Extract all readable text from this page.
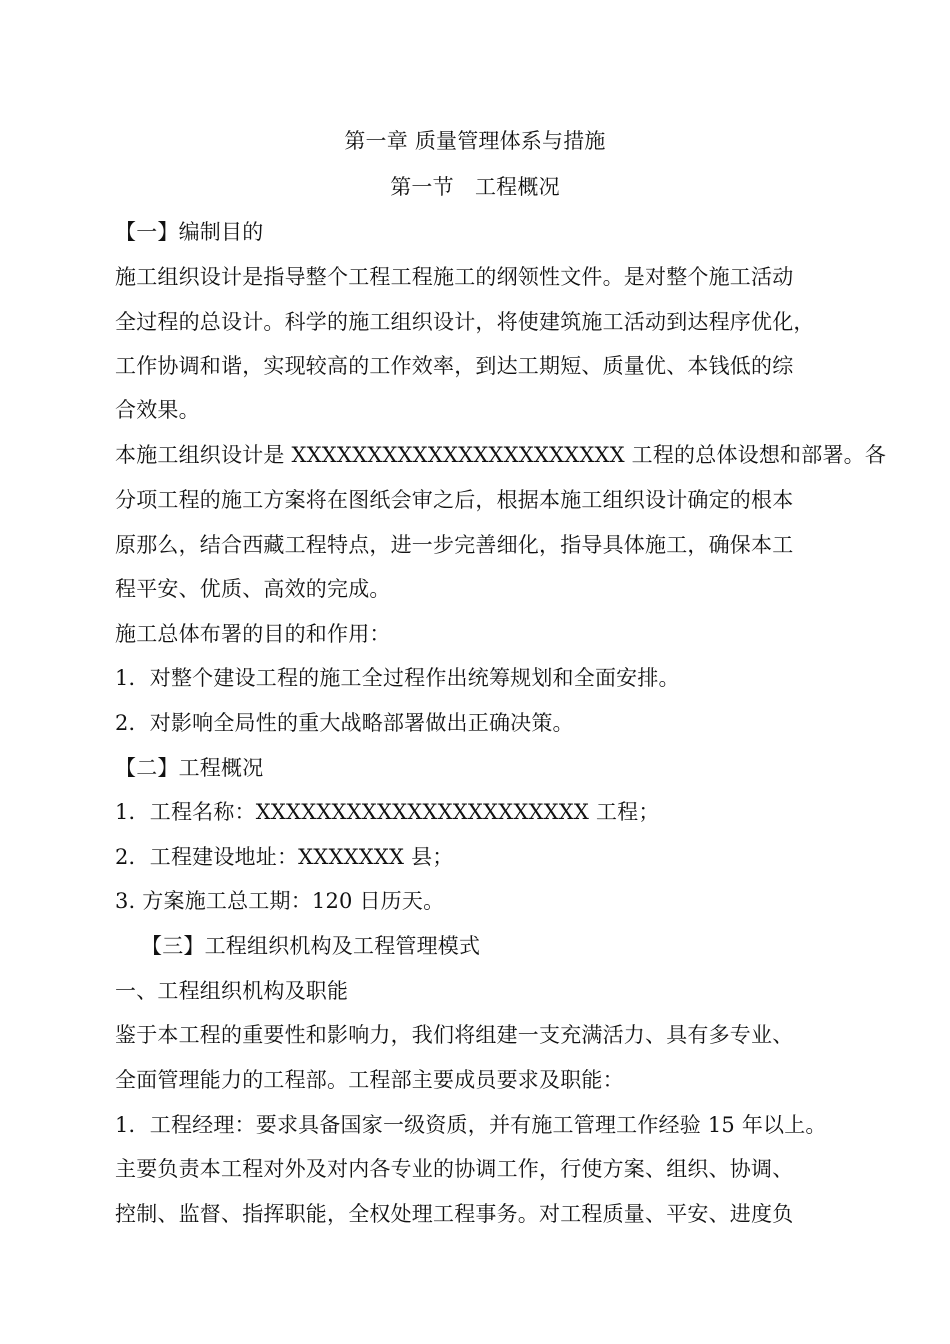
第一章 质量管理体系与措施
第一节　工程概况
【一】编制目的
施工组织设计是指导整个工程工程施工的纲领性文件。是对整个施工活动
全过程的总设计。科学的施工组织设计，将使建筑施工活动到达程序优化，
工作协调和谐，实现较高的工作效率，到达工期短、质量优、本钱低的综
合效果。
本施工组织设计是 XXXXXXXXXXXXXXXXXXXXXX 工程的总体设想和部署。各
分项工程的施工方案将在图纸会审之后，根据本施工组织设计确定的根本
原那么，结合西藏工程特点，进一步完善细化，指导具体施工，确保本工
程平安、优质、高效的完成。
施工总体布署的目的和作用：
1．对整个建设工程的施工全过程作出统筹规划和全面安排。
2．对影响全局性的重大战略部署做出正确决策。
【二】工程概况
1．工程名称：XXXXXXXXXXXXXXXXXXXXXX 工程；
2．工程建设地址：XXXXXXX 县；
3. 方案施工总工期：120 日历天。
【三】工程组织机构及工程管理模式
一、工程组织机构及职能
鉴于本工程的重要性和影响力，我们将组建一支充满活力、具有多专业、
全面管理能力的工程部。工程部主要成员要求及职能：
1．工程经理：要求具备国家一级资质，并有施工管理工作经验 15 年以上。
主要负责本工程对外及对内各专业的协调工作，行使方案、组织、协调、
控制、监督、指挥职能，全权处理工程事务。对工程质量、平安、进度负
